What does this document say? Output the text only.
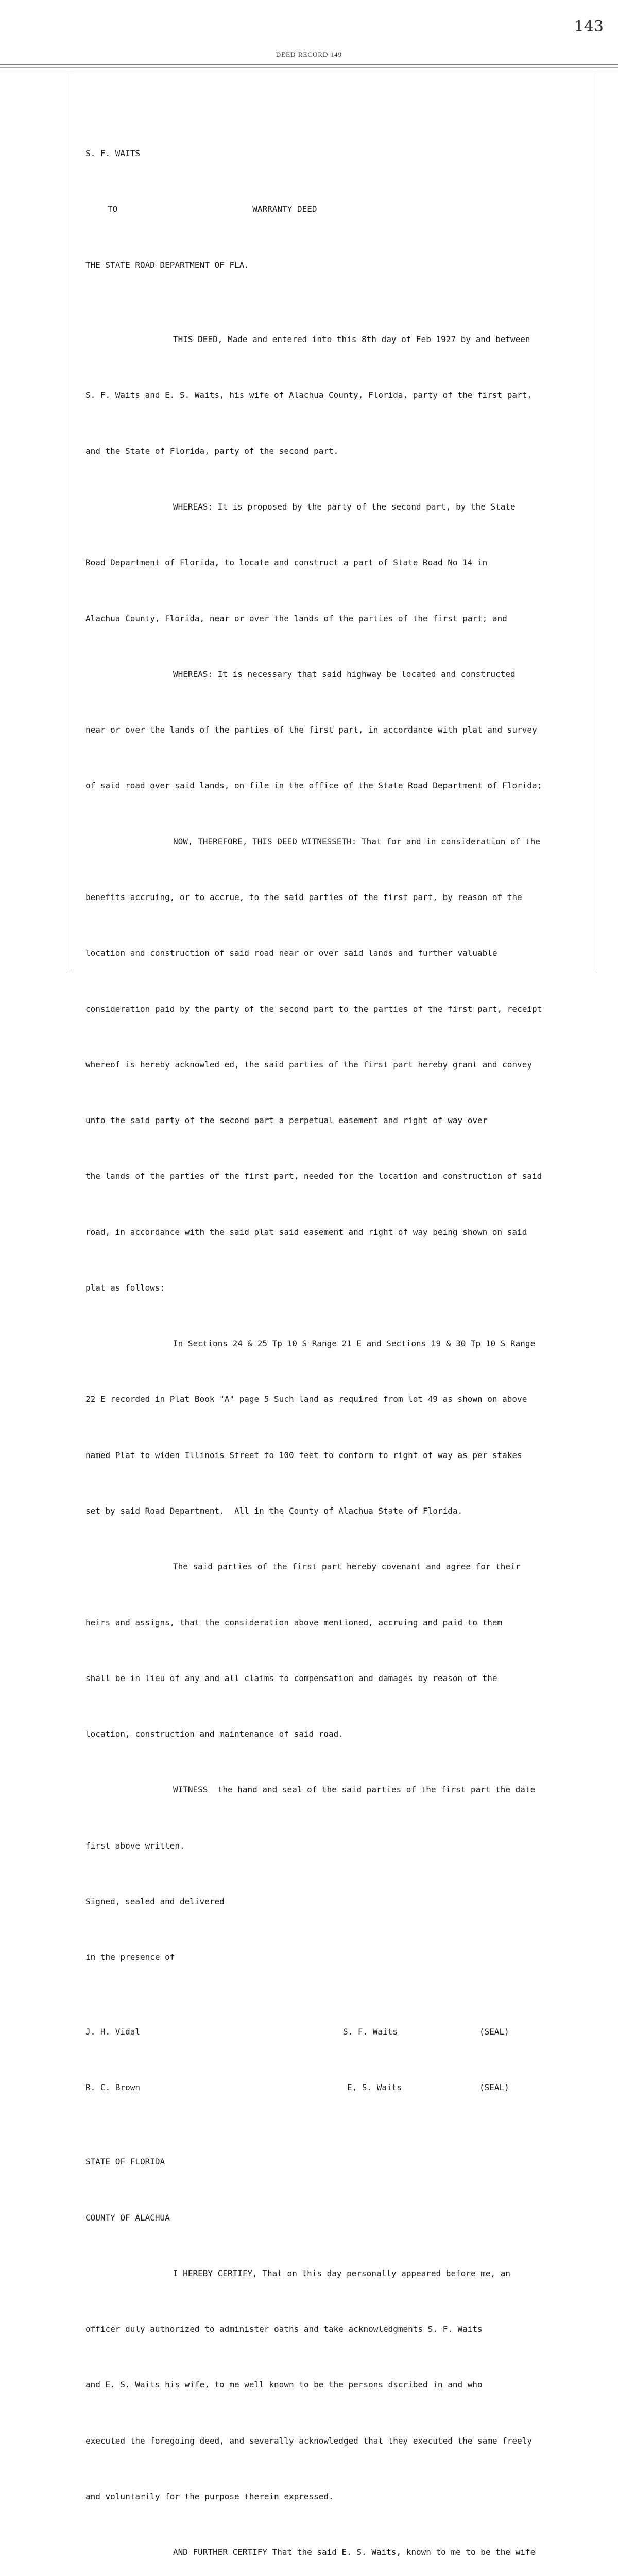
143
DEED RECORD 149

S. F. WAITS

TO	WARRANTY DEED

THE STATE ROAD DEPARTMENT OF FLA.

THIS DEED, Made and entered into this 8th day of Feb 1927 by and between

S. F. Waits and E. S. Waits, his wife of Alachua County, Florida, party of the first part,

and the State of Florida, party of the second part.

WHEREAS: It is proposed by the party of the second part, by the State

Road Department of Florida, to locate and construct a part of State Road No 14 in

Alachua County, Florida, near or over the lands of the parties of the first part; and

WHEREAS: It is necessary that said highway be located and constructed

near or over the lands of the parties of the first part, in accordance with plat and survey

of said road over said lands, on file in the office of the State Road Department of Florida;

NOW, THEREFORE, THIS DEED WITNESSETH: That for and in consideration of the

benefits accruing, or to accrue, to the said parties of the first part, by reason of the

location and construction of said road near or over said lands and further valuable

consideration paid by the party of the second part to the parties of the first part, receipt

whereof is hereby acknowled ed, the said parties of the first part hereby grant and convey

unto the said party of the second part a perpetual easement and right of way over

the lands of the parties of the first part, needed for the location and construction of said

road, in accordance with the said plat said easement and right of way being shown on said

plat as follows:

In Sections 24 & 25 Tp 10 S Range 21 E and Sections 19 & 30 Tp 10 S Range

22 E recorded in Plat Book "A" page 5 Such land as required from lot 49 as shown on above

named Plat to widen Illinois Street to 100 feet to conform to right of way as per stakes

set by said Road Department.  All in the County of Alachua State of Florida.

The said parties of the first part hereby covenant and agree for their

heirs and assigns, that the consideration above mentioned, accruing and paid to them

shall be in lieu of any and all claims to compensation and damages by reason of the

location, construction and maintenance of said road.

WITNESS  the hand and seal of the said parties of the first part the date

first above written.

Signed, sealed and delivered

in the presence of

J. H. Vidal	S. F. Waits	(SEAL)

R. C. Brown	E, S. Waits	(SEAL)

STATE OF FLORIDA

COUNTY OF ALACHUA

I HEREBY CERTIFY, That on this day personally appeared before me, an

officer duly authorized to administer oaths and take acknowledgments S. F. Waits

and E. S. Waits his wife, to me well known to be the persons dscribed in and who

executed the foregoing deed, and severally acknowledged that they executed the same freely

and voluntarily for the purpose therein expressed.

AND FURTHER CERTIFY That the said E. S. Waits, known to me to be the wife
